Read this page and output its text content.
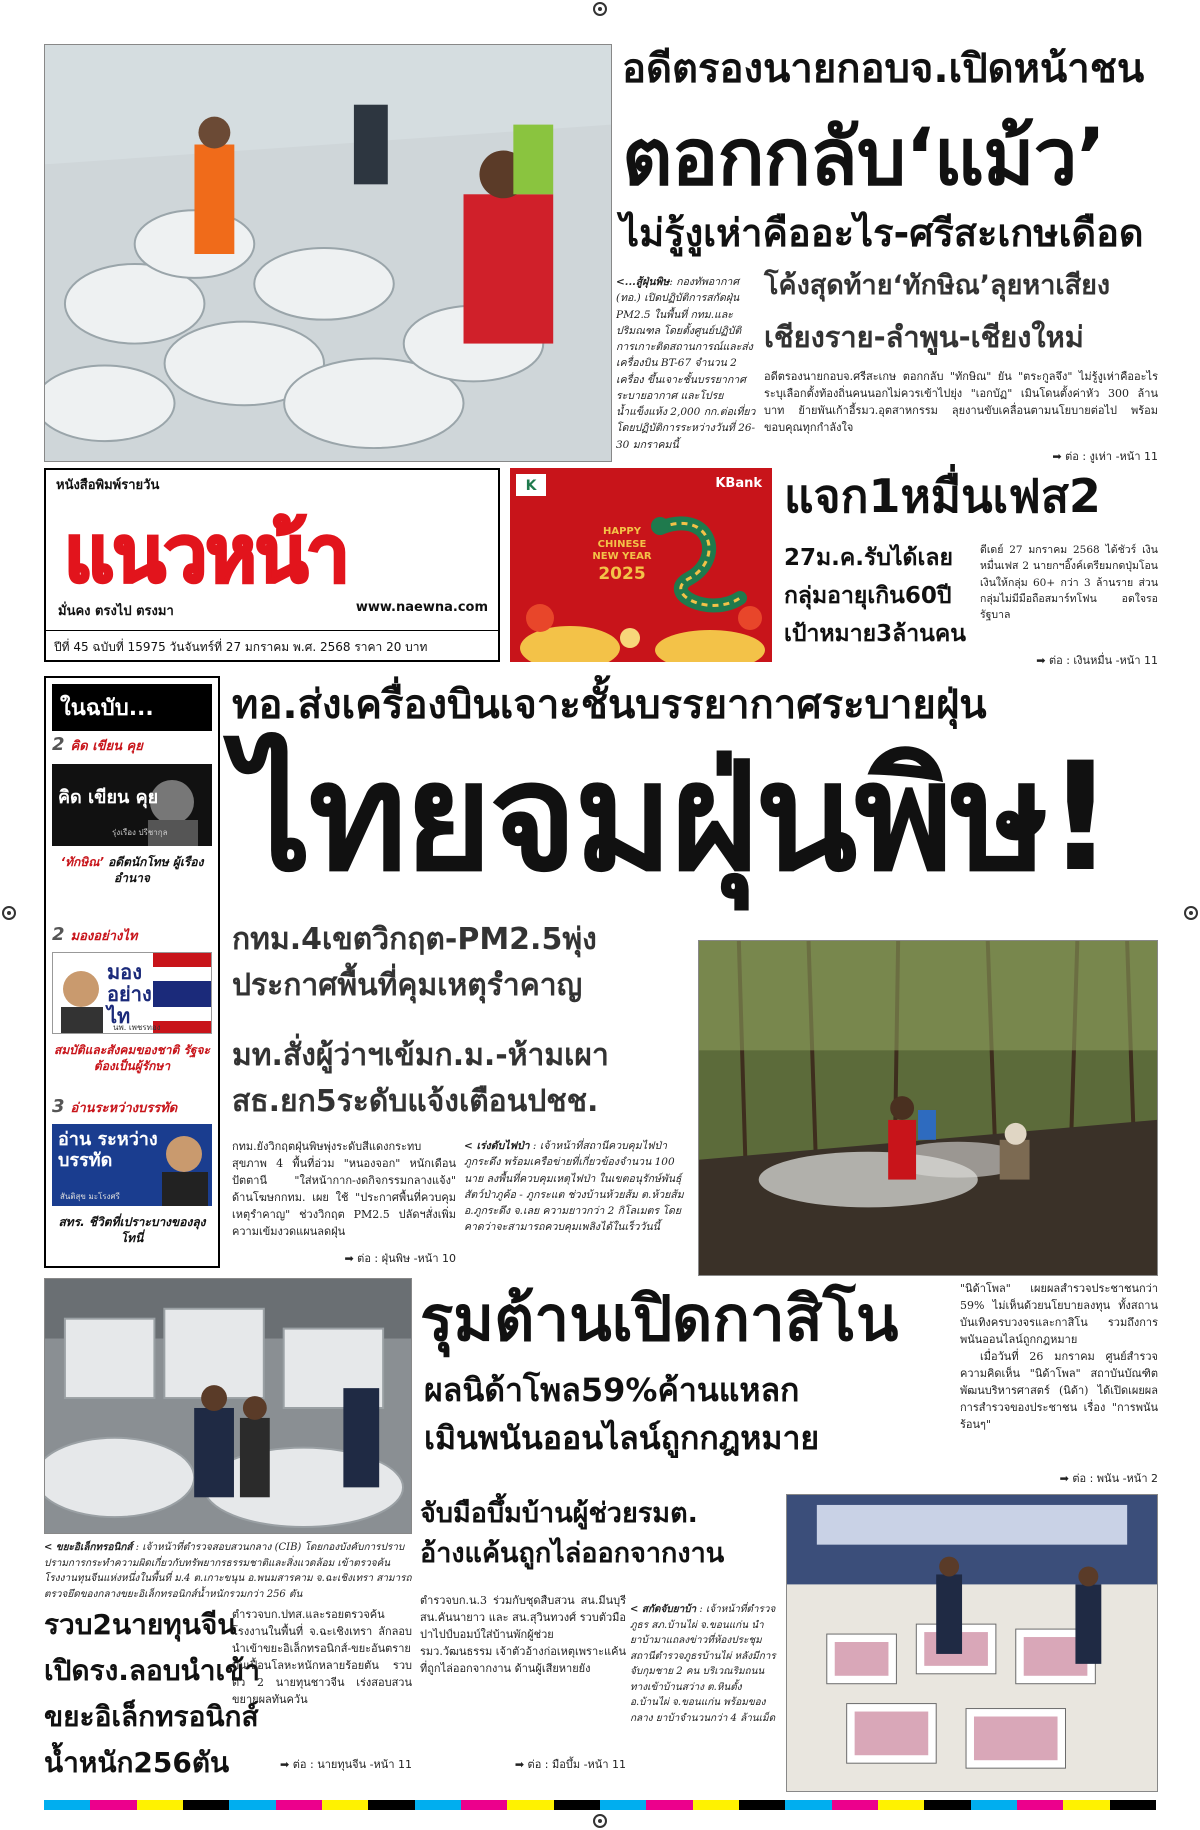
อดีตรองนายกอบจ.เปิดหน้าชน
ตอกกลับ‘แม้ว’
ไม่รู้งูเห่าคืออะไร-ศรีสะเกษเดือด
<...สู้ฝุ่นพิษ: กองทัพอากาศ (ทอ.) เปิดปฏิบัติการสกัดฝุ่น PM2.5 ในพื้นที่ กทม.และปริมณฑล โดยตั้งศูนย์ปฏิบัติการเกาะติดสถานการณ์และส่งเครื่องบิน BT-67 จำนวน 2 เครื่อง ขึ้นเจาะชั้นบรรยากาศระบายอากาศ และโปรยน้ำแข็งแห้ง 2,000 กก.ต่อเที่ยว โดยปฏิบัติการระหว่างวันที่ 26-30 มกราคมนี้
โค้งสุดท้าย‘ทักษิณ’ลุยหาเสียง
เชียงราย-ลำพูน-เชียงใหม่
อดีตรองนายกอบจ.ศรีสะเกษ ตอกกลับ "ทักษิณ" ยัน "ตระกูลจึง" ไม่รู้งูเห่าคืออะไร ระบุเลือกตั้งท้องถิ่นคนนอกไม่ควรเข้าไปยุ่ง "เอกบัฏ" เมินโดนตั้งค่าหัว 300 ล้านบาท ย้ายพันเก้าอี้รมว.อุตสาหกรรม ลุยงานขับเคลื่อนตามนโยบายต่อไป พร้อมขอบคุณทุกกำลังใจ
➡ ต่อ : งูเห่า -หน้า 11
หนังสือพิมพ์รายวัน
แนวหน้า
มั่นคง ตรงไป ตรงมา	www.naewna.com
ปีที่ 45 ฉบับที่ 15975 วันจันทร์ที่ 27 มกราคม พ.ศ. 2568 ราคา 20 บาท
K	KBank
HAPPY
CHINESE
NEW YEAR
2025
แจก1หมื่นเฟส2
27ม.ค.รับได้เลย
กลุ่มอายุเกิน60ปี
เป้าหมาย3ล้านคน
ดีเดย์ 27 มกราคม 2568 ได้ชัวร์ เงินหมื่นเฟส 2 นายกฯอิ๊งค์เตรียมกดปุ่มโอนเงินให้กลุ่ม 60+ กว่า 3 ล้านราย ส่วนกลุ่มไม่มีมือถือสมาร์ทโฟน อดใจรอ รัฐบาล
➡ ต่อ : เงินหมื่น -หน้า 11
ในฉบับ...
2 คิด เขียน คุย
คิด เขียน คุย
รุ่งเรือง ปรีชากุล
‘ทักษิณ’ อดีตนักโทษ ผู้เรืองอำนาจ
2 มองอย่างไท
มอง อย่าง ไท
นพ. เพชรทอง
สมบัติและสังคมของชาติ รัฐจะต้องเป็นผู้รักษา
3 อ่านระหว่างบรรทัด
อ่าน ระหว่างบรรทัด
สันติสุข มะโรงศรี
สทร. ชีวิตที่เปราะบางของลุงโทนี่
ทอ.ส่งเครื่องบินเจาะชั้นบรรยากาศระบายฝุ่น
ไทยจมฝุ่นพิษ!
กทม.4เขตวิกฤต-PM2.5พุ่ง
ประกาศพื้นที่คุมเหตุรำคาญ
มท.สั่งผู้ว่าฯเข้มก.ม.-ห้ามเผา
สธ.ยก5ระดับแจ้งเตือนปชช.
กทม.ยังวิกฤตฝุ่นพิษพุ่งระดับสีแดงกระทบสุขภาพ 4 พื้นที่อ่วม "หนองจอก" หนักเดือนปัตตานี "ใส่หน้ากาก-งดกิจกรรมกลางแจ้ง" ด้านโฆษกกทม. เผย ใช้ "ประกาศพื้นที่ควบคุมเหตุรำคาญ" ช่วงวิกฤต PM2.5 ปลัดฯสั่งเพิ่มความเข้มงวดแผนลดฝุ่น
➡ ต่อ : ฝุ่นพิษ -หน้า 10
< เร่งดับไฟป่า : เจ้าหน้าที่สถานีควบคุมไฟป่าภูกระดึง พร้อมเครือข่ายที่เกี่ยวข้องจำนวน 100 นาย ลงพื้นที่ควบคุมเหตุไฟป่า ในเขตอนุรักษ์พันธุ์สัตว์ป่าภูค้อ - ภูกระแต ช่วงบ้านห้วยส้ม ต.ห้วยส้ม อ.ภูกระดึง จ.เลย ความยาวกว่า 2 กิโลเมตร โดยคาดว่าจะสามารถควบคุมเพลิงได้ในเร็ววันนี้
< ขยะอิเล็กทรอนิกส์ : เจ้าหน้าที่ตำรวจสอบสวนกลาง (CIB) โดยกองบังคับการปราบปรามการกระทำความผิดเกี่ยวกับทรัพยากรธรรมชาติและสิ่งแวดล้อม เข้าตรวจค้นโรงงานทุนจีนแห่งหนึ่งในพื้นที่ ม.4 ต.เกาะขนุน อ.พนมสารคาม จ.ฉะเชิงเทรา สามารถตรวจยึดของกลางขยะอิเล็กทรอนิกส์น้ำหนักรวมกว่า 256 ตัน
รวบ2นายทุนจีน
เปิดรง.ลอบนำเข้า
ขยะอิเล็กทรอนิกส์
น้ำหนัก256ตัน
ตำรวจบก.ปทส.และรอยตรวจค้นโรงงานในพื้นที่ จ.ฉะเชิงเทรา ลักลอบนำเข้าขยะอิเล็กทรอนิกส์-ขยะอันตรายปนเปื้อนโลหะหนักหลายร้อยตัน รวบตัว 2 นายทุนชาวจีน เร่งสอบสวนขยายผลทันควัน
➡ ต่อ : นายทุนจีน -หน้า 11
รุมต้านเปิดกาสิโน
ผลนิด้าโพล59%ค้านแหลก
เมินพนันออนไลน์ถูกกฎหมาย

"นิด้าโพล" เผยผลสำรวจประชาชนกว่า 59% ไม่เห็นด้วยนโยบายลงทุน ทั้งสถานบันเทิงครบวงจรและกาสิโน รวมถึงการพนันออนไลน์ถูกกฎหมาย

เมื่อวันที่ 26 มกราคม ศูนย์สำรวจความคิดเห็น "นิด้าโพล" สถาบันบัณฑิตพัฒนบริหารศาสตร์ (นิด้า) ได้เปิดเผยผลการสำรวจของประชาชน เรื่อง "การพนันร้อนๆ"

➡ ต่อ : พนัน -หน้า 2
จับมือบึ้มบ้านผู้ช่วยรมต.
อ้างแค้นถูกไล่ออกจากงาน
ตำรวจบก.น.3 ร่วมกับชุดสืบสวน สน.มีนบุรี สน.คันนายาว และ สน.สุวินทวงศ์ รวบตัวมือปาไปป์บอมบ์ใส่บ้านพักผู้ช่วย รมว.วัฒนธรรม เจ้าตัวอ้างก่อเหตุเพราะแค้นที่ถูกไล่ออกจากงาน ด้านผู้เสียหายยัง
➡ ต่อ : มือบึ้ม -หน้า 11
< สกัดจับยาบ้า : เจ้าหน้าที่ตำรวจภูธร สภ.บ้านไผ่ จ.ขอนแก่น นำยาบ้ามาแถลงข่าวที่ห้องประชุมสถานีตำรวจภูธรบ้านไผ่ หลังมีการจับกุมชาย 2 คน บริเวณริมถนนทางเข้าบ้านสว่าง ต.หินตั้ง อ.บ้านไผ่ จ.ขอนแก่น พร้อมของกลาง ยาบ้าจำนวนกว่า 4 ล้านเม็ด
